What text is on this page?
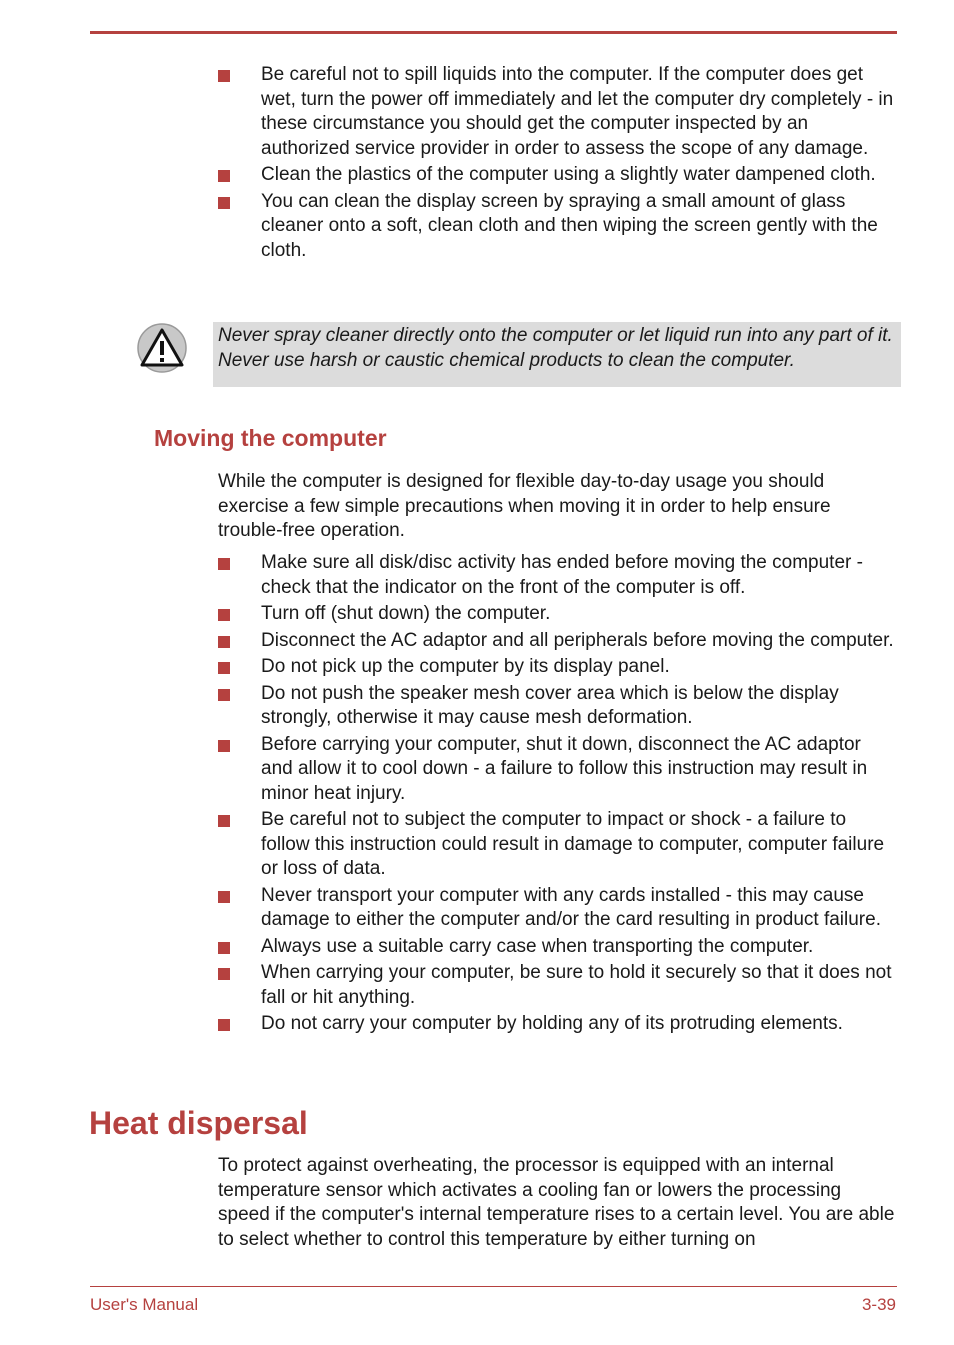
Be careful not to spill liquids into the computer. If the computer does get wet, turn the power off immediately and let the computer dry completely - in these circumstance you should get the computer inspected by an authorized service provider in order to assess the scope of any damage.
Clean the plastics of the computer using a slightly water dampened cloth.
You can clean the display screen by spraying a small amount of glass cleaner onto a soft, clean cloth and then wiping the screen gently with the cloth.
Never spray cleaner directly onto the computer or let liquid run into any part of it. Never use harsh or caustic chemical products to clean the computer.
Moving the computer
While the computer is designed for flexible day-to-day usage you should exercise a few simple precautions when moving it in order to help ensure trouble-free operation.
Make sure all disk/disc activity has ended before moving the computer - check that the indicator on the front of the computer is off.
Turn off (shut down) the computer.
Disconnect the AC adaptor and all peripherals before moving the computer.
Do not pick up the computer by its display panel.
Do not push the speaker mesh cover area which is below the display strongly, otherwise it may cause mesh deformation.
Before carrying your computer, shut it down, disconnect the AC adaptor and allow it to cool down - a failure to follow this instruction may result in minor heat injury.
Be careful not to subject the computer to impact or shock - a failure to follow this instruction could result in damage to computer, computer failure or loss of data.
Never transport your computer with any cards installed - this may cause damage to either the computer and/or the card resulting in product failure.
Always use a suitable carry case when transporting the computer.
When carrying your computer, be sure to hold it securely so that it does not fall or hit anything.
Do not carry your computer by holding any of its protruding elements.
Heat dispersal
To protect against overheating, the processor is equipped with an internal temperature sensor which activates a cooling fan or lowers the processing speed if the computer's internal temperature rises to a certain level. You are able to select whether to control this temperature by either turning on
User's Manual	3-39
